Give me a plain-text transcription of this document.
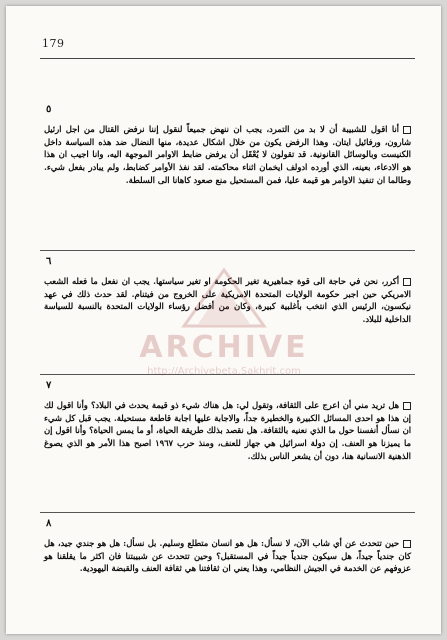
179
٥
أنا اقول للشبيبة أن لا بد من التمرد، يجب ان ننهض جميعاً لنقول إننا نرفض القتال من اجل ارئيل شارون، ورفائيل ايتان. وهذا الرفض يكون من خلال اشكال عديدة، منها النضال ضد هذه السياسة داخل الكنيست وبالوسائل القانونية. قد تقولون لا يُعْقَل أن يرفض ضابط الاوامر الموجهة اليه، وانا اجيب ان هذا هو الادعاء، بعينه، الذي أورده ادولف ايخمان اثناء محاكمته. لقد نفذ الأوامر كضابط، ولم يبادر بفعل شيء. وطالما ان تنفيذ الاوامر هو قيمة عليا، فمن المستحيل منع صعود كاهانا الى السلطة.
٦
أكرر، نحن في حاجة الى قوة جماهيرية تغير الحكومة او تغير سياستها. يجب ان نفعل ما فعله الشعب الامريكي حين اجبر حكومة الولايات المتحدة الامريكية على الخروج من فيتنام. لقد حدث ذلك في عهد نيكسون، الرئيس الذي انتخب بأغلبية كبيرة، وكان من أفضل رؤساء الولايات المتحدة بالنسبة للسياسة الداخلية للبلاد.
٧
هل تريد مني أن اعرج على الثقافة، وتقول لي: هل هناك شيء ذو قيمة يحدث في البلاد؟ وأنا اقول لك إن هذا هو احدى المسائل الكبيرة والخطيرة جداً، والاجابة عليها اجابة قاطعة مستحيلة. يجب قبل كل شيء ان نسأل أنفسنا حول ما الذي نعنيه بالثقافة. هل نقصد بذلك طريقة الحياة، أو ما يمس الحياة؟ وأنا اقول إن ما يميزنا هو العنف. إن دولة اسرائيل هي جهاز للعنف، ومنذ حرب ١٩٦٧ اصبح هذا الأمر هو الذي يصوغ الذهنية الانسانية هنا، دون أن يشعر الناس بذلك.
٨
حين تتحدث عن أي شاب الآن، لا نسأل: هل هو انسان متطلع وسليم. بل نسأل: هل هو جندي جيد، هل كان جندياً جيداً، هل سيكون جندياً جيداً في المستقبل؟ وحين تتحدث عن شبيبتنا فان اكثر ما يقلقنا هو عزوفهم عن الخدمة في الجيش النظامي، وهذا يعني ان ثقافتنا هي ثقافة العنف والقبضة اليهودية.
ARCHIVE
http://Archivebeta.Sakhrit.com
